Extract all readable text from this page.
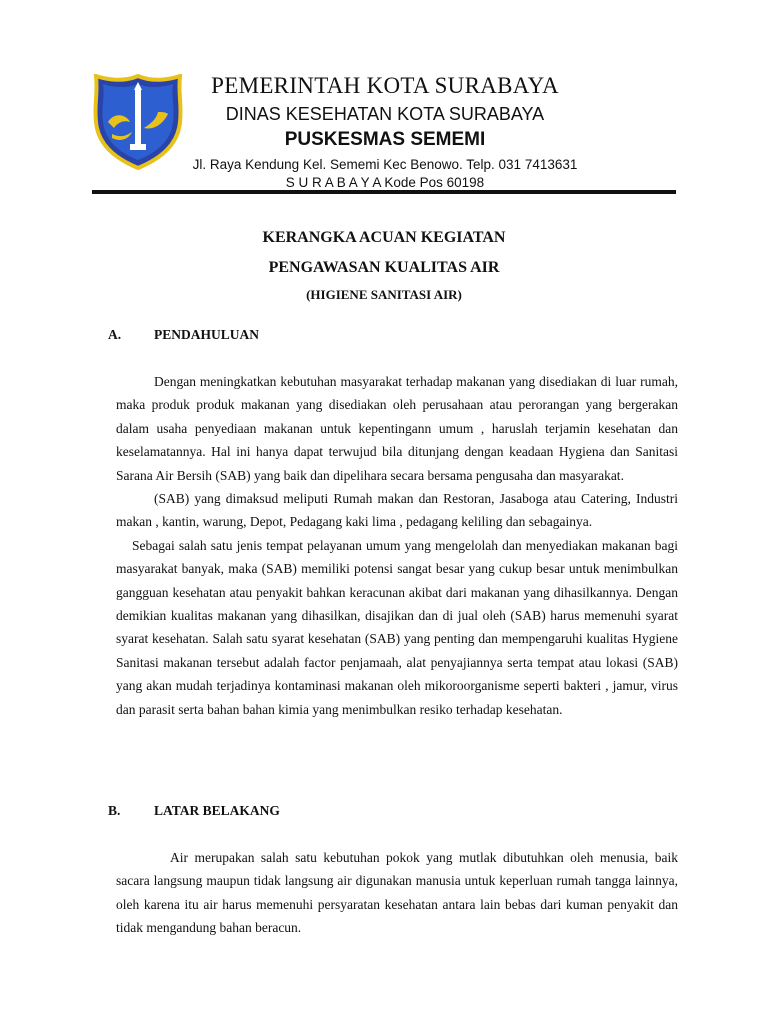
PEMERINTAH KOTA SURABAYA
DINAS KESEHATAN KOTA SURABAYA
PUSKESMAS SEMEMI
Jl. Raya Kendung Kel. Sememi Kec Benowo. Telp. 031 7413631
S U R A B A Y A Kode Pos 60198
KERANGKA ACUAN KEGIATAN
PENGAWASAN KUALITAS AIR
(HIGIENE SANITASI AIR)
A. PENDAHULUAN

Dengan meningkatkan kebutuhan masyarakat terhadap makanan yang disediakan di luar rumah, maka produk produk makanan yang disediakan oleh perusahaan atau perorangan yang bergerakan dalam usaha penyediaan makanan untuk kepentingann umum , haruslah terjamin kesehatan dan keselamatannya. Hal ini hanya dapat terwujud bila ditunjang dengan keadaan Hygiena dan Sanitasi Sarana Air Bersih (SAB) yang baik dan dipelihara secara bersama pengusaha dan masyarakat.

(SAB) yang dimaksud meliputi Rumah makan dan Restoran, Jasaboga atau Catering, Industri makan , kantin, warung, Depot, Pedagang kaki lima , pedagang keliling dan sebagainya.

Sebagai salah satu jenis tempat pelayanan umum yang mengelolah dan menyediakan makanan bagi masyarakat banyak, maka (SAB) memiliki potensi sangat besar yang cukup besar untuk menimbulkan gangguan kesehatan atau penyakit bahkan keracunan akibat dari makanan yang dihasilkannya. Dengan demikian kualitas makanan yang dihasilkan, disajikan dan di jual oleh (SAB) harus memenuhi syarat syarat kesehatan. Salah satu syarat kesehatan (SAB) yang penting dan mempengaruhi kualitas Hygiene Sanitasi makanan tersebut adalah factor penjamaah, alat penyajiannya serta tempat atau lokasi (SAB) yang akan mudah terjadinya kontaminasi makanan oleh mikoroorganisme seperti bakteri , jamur, virus dan parasit serta bahan bahan kimia yang menimbulkan resiko terhadap kesehatan.

B. LATAR BELAKANG

Air merupakan salah satu kebutuhan pokok yang mutlak dibutuhkan oleh menusia, baik sacara langsung maupun tidak langsung air digunakan manusia untuk keperluan rumah tangga lainnya, oleh karena itu air harus memenuhi persyaratan kesehatan antara lain bebas dari kuman penyakit dan tidak mengandung bahan beracun.
